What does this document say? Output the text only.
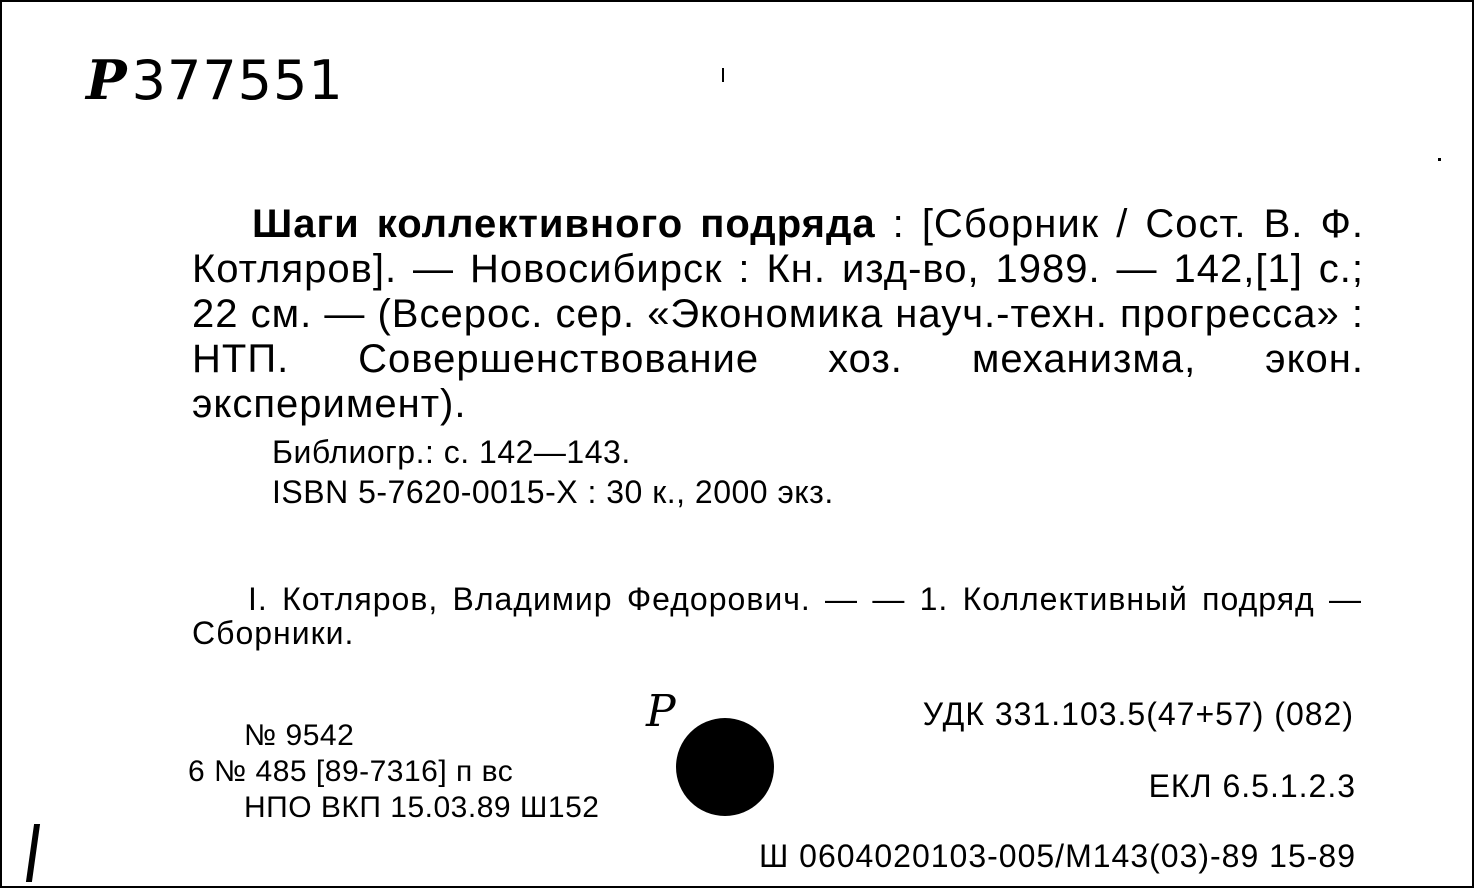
Р377551
Шаги коллективного подряда : [Сборник / Сост. В. Ф. Котляров]. — Новосибирск : Кн. изд-во, 1989. — 142,[1] с.; 22 см. — (Всерос. сер. «Экономика науч.-техн. прогресса» : НТП. Совершенствование хоз. механизма, экон. эксперимент).
Библиогр.: с. 142—143.
ISBN 5-7620-0015-X : 30 к., 2000 экз.
I. Котляров, Владимир Федорович. — — 1. Коллективный подряд — Сборники.
№ 9542
6 № 485 [89-7316] п вс
НПО ВКП 15.03.89 Ш152
P	УДК 331.103.5(47+57) (082)
ЕКЛ 6.5.1.2.3
Ш 0604020103-005/М143(03)-89 15-89
